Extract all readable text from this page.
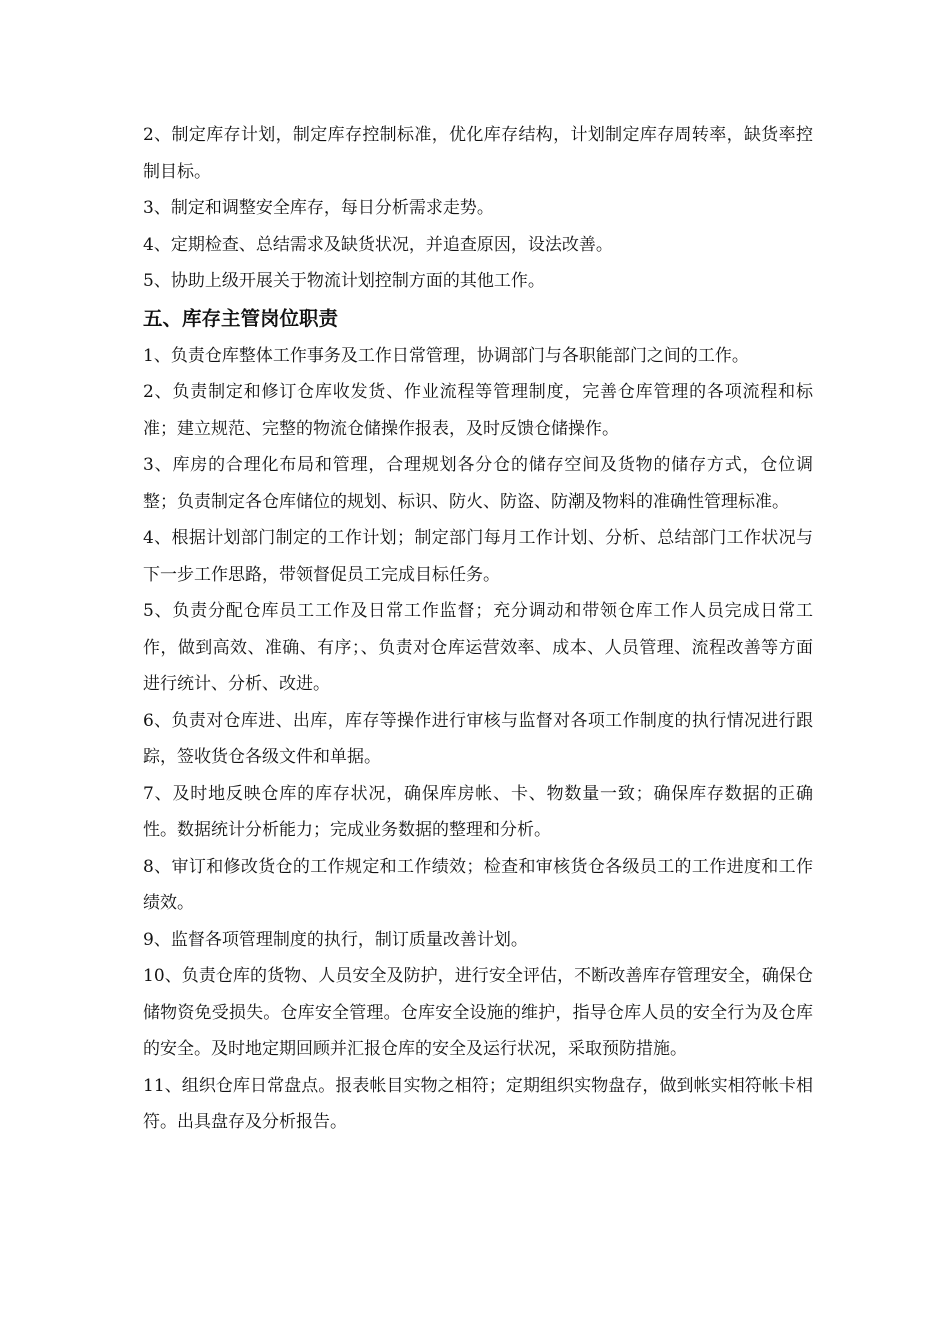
2、制定库存计划，制定库存控制标准，优化库存结构，计划制定库存周转率，缺货率控制目标。

3、制定和调整安全库存，每日分析需求走势。

4、定期检查、总结需求及缺货状况，并追查原因，设法改善。

5、协助上级开展关于物流计划控制方面的其他工作。

五、库存主管岗位职责

1、负责仓库整体工作事务及工作日常管理，协调部门与各职能部门之间的工作。

2、负责制定和修订仓库收发货、作业流程等管理制度，完善仓库管理的各项流程和标准；建立规范、完整的物流仓储操作报表，及时反馈仓储操作。

3、库房的合理化布局和管理，合理规划各分仓的储存空间及货物的储存方式，仓位调整；负责制定各仓库储位的规划、标识、防火、防盗、防潮及物料的准确性管理标准。

4、根据计划部门制定的工作计划；制定部门每月工作计划、分析、总结部门工作状况与下一步工作思路，带领督促员工完成目标任务。

5、负责分配仓库员工工作及日常工作监督；充分调动和带领仓库工作人员完成日常工作，做到高效、准确、有序；、负责对仓库运营效率、成本、人员管理、流程改善等方面进行统计、分析、改进。

6、负责对仓库进、出库，库存等操作进行审核与监督对各项工作制度的执行情况进行跟踪，签收货仓各级文件和单据。

7、及时地反映仓库的库存状况，确保库房帐、卡、物数量一致；确保库存数据的正确性。数据统计分析能力；完成业务数据的整理和分析。

8、审订和修改货仓的工作规定和工作绩效；检查和审核货仓各级员工的工作进度和工作绩效。

9、监督各项管理制度的执行，制订质量改善计划。

10、负责仓库的货物、人员安全及防护，进行安全评估，不断改善库存管理安全，确保仓储物资免受损失。仓库安全管理。仓库安全设施的维护，指导仓库人员的安全行为及仓库的安全。及时地定期回顾并汇报仓库的安全及运行状况，采取预防措施。

11、组织仓库日常盘点。报表帐目实物之相符；定期组织实物盘存，做到帐实相符帐卡相符。出具盘存及分析报告。
